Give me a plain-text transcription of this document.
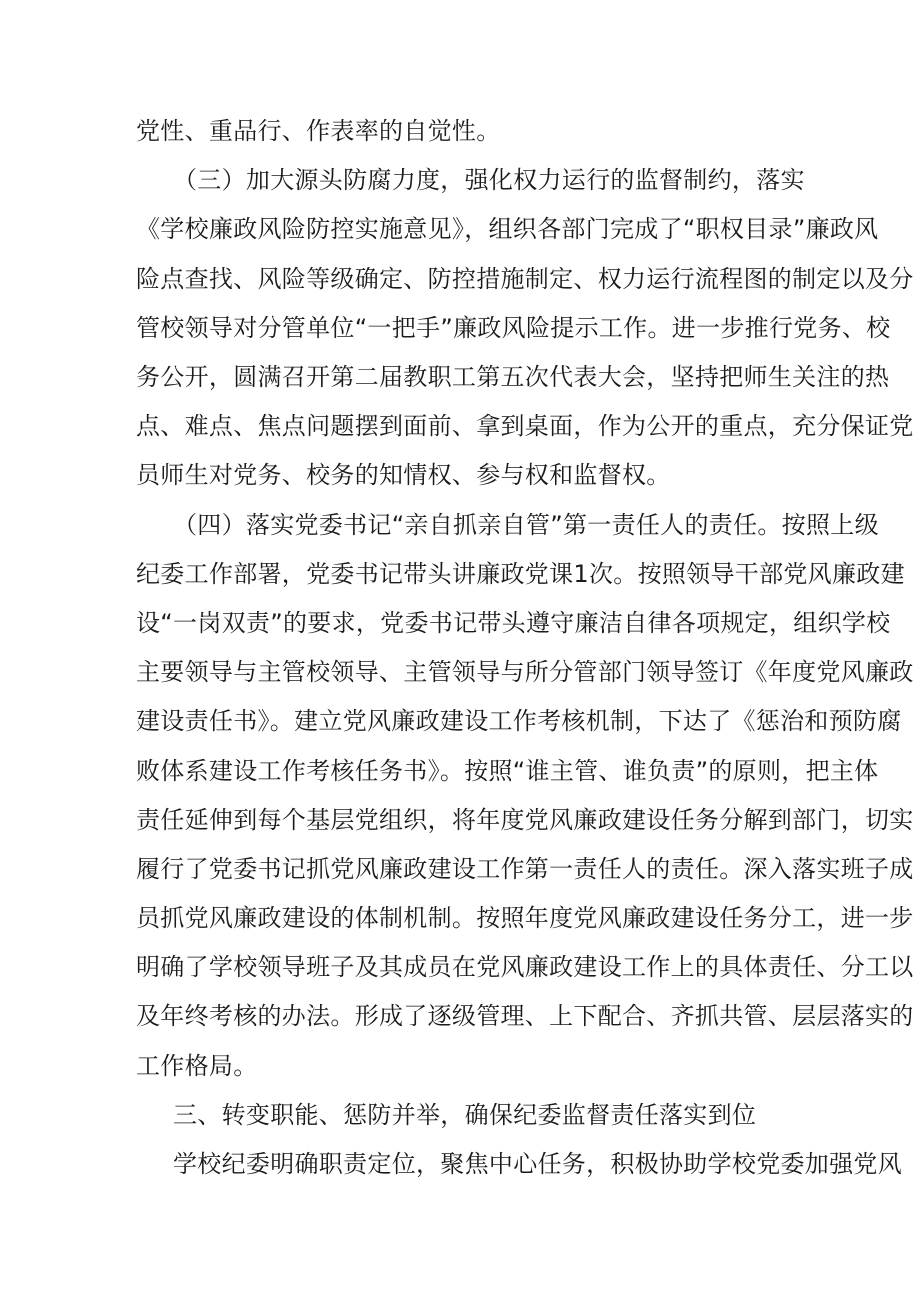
党性、重品行、作表率的自觉性。
（三）加大源头防腐力度，强化权力运行的监督制约，落实
《学校廉政风险防控实施意见》，组织各部门完成了“职权目录”廉政风
险点查找、风险等级确定、防控措施制定、权力运行流程图的制定以及分
管校领导对分管单位“一把手”廉政风险提示工作。进一步推行党务、校
务公开，圆满召开第二届教职工第五次代表大会，坚持把师生关注的热
点、难点、焦点问题摆到面前、拿到桌面，作为公开的重点，充分保证党
员师生对党务、校务的知情权、参与权和监督权。
（四）落实党委书记“亲自抓亲自管”第一责任人的责任。按照上级
纪委工作部署，党委书记带头讲廉政党课1次。按照领导干部党风廉政建
设“一岗双责”的要求，党委书记带头遵守廉洁自律各项规定，组织学校
主要领导与主管校领导、主管领导与所分管部门领导签订《年度党风廉政
建设责任书》。建立党风廉政建设工作考核机制，下达了《惩治和预防腐
败体系建设工作考核任务书》。按照“谁主管、谁负责”的原则，把主体
责任延伸到每个基层党组织，将年度党风廉政建设任务分解到部门，切实
履行了党委书记抓党风廉政建设工作第一责任人的责任。深入落实班子成
员抓党风廉政建设的体制机制。按照年度党风廉政建设任务分工，进一步
明确了学校领导班子及其成员在党风廉政建设工作上的具体责任、分工以
及年终考核的办法。形成了逐级管理、上下配合、齐抓共管、层层落实的
工作格局。
三、转变职能、惩防并举，确保纪委监督责任落实到位
学校纪委明确职责定位，聚焦中心任务，积极协助学校党委加强党风
